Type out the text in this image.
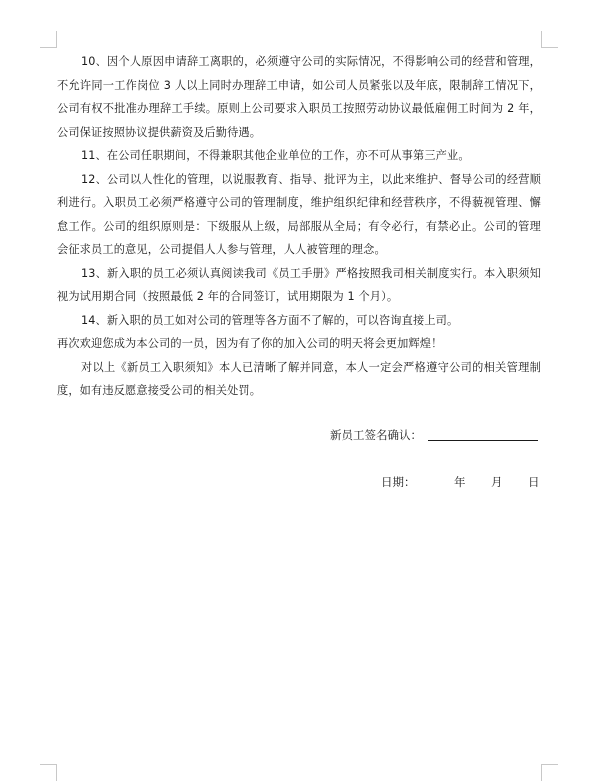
10、因个人原因申请辞工离职的，必须遵守公司的实际情况，不得影响公司的经营和管理，不允许同一工作岗位 3 人以上同时办理辞工申请，如公司人员紧张以及年底，限制辞工情况下，公司有权不批准办理辞工手续。原则上公司要求入职员工按照劳动协议最低雇佣工时间为 2 年，公司保证按照协议提供薪资及后勤待遇。

11、在公司任职期间，不得兼职其他企业单位的工作，亦不可从事第三产业。

12、公司以人性化的管理，以说服教育、指导、批评为主，以此来维护、督导公司的经营顺利进行。入职员工必须严格遵守公司的管理制度，维护组织纪律和经营秩序，不得藐视管理、懈怠工作。公司的组织原则是：下级服从上级，局部服从全局；有令必行，有禁必止。公司的管理会征求员工的意见，公司提倡人人参与管理，人人被管理的理念。

13、新入职的员工必须认真阅读我司《员工手册》严格按照我司相关制度实行。本入职须知视为试用期合同（按照最低 2 年的合同签订，试用期限为 1 个月）。

14、新入职的员工如对公司的管理等各方面不了解的，可以咨询直接上司。

再次欢迎您成为本公司的一员，因为有了你的加入公司的明天将会更加辉煌！

对以上《新员工入职须知》本人已清晰了解并同意，本人一定会严格遵守公司的相关管理制度，如有违反愿意接受公司的相关处罚。

新员工签名确认：
日期：	年 月 日
